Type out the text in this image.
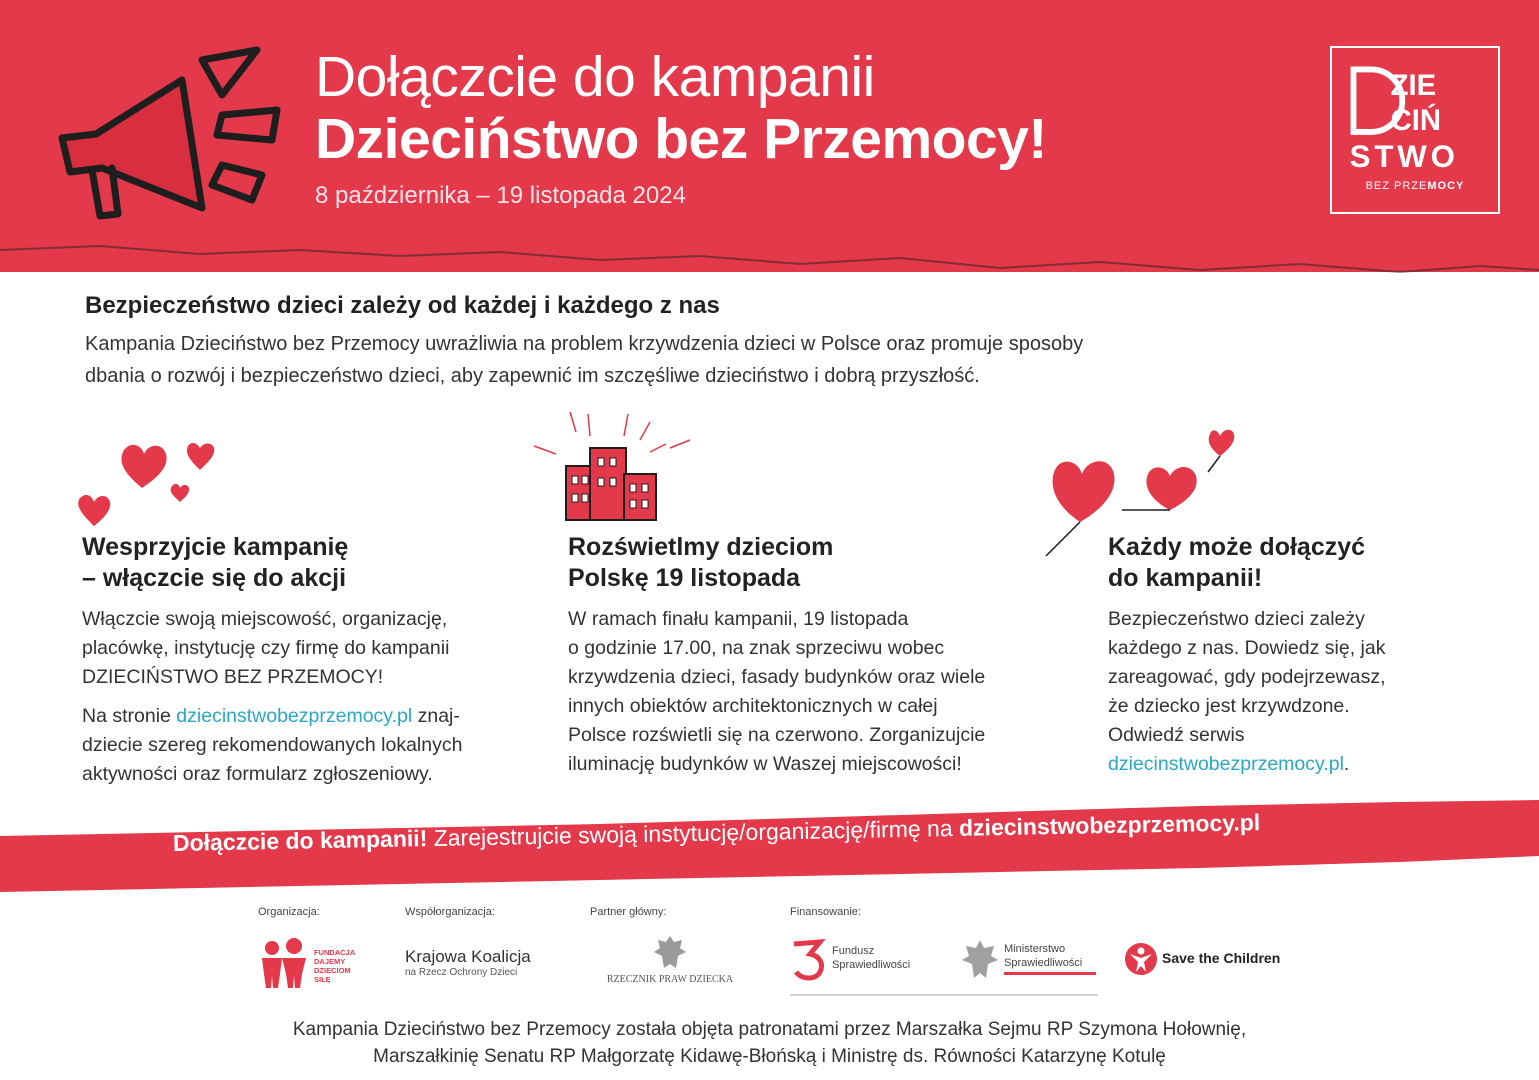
Dołączcie do kampanii
Dzieciństwo bez Przemocy!
8 października – 19 listopada 2024
ZIE
CIŃ
STWO
BEZ PRZEMOCY
Bezpieczeństwo dzieci zależy od każdej i każdego z nas
Kampania Dzieciństwo bez Przemocy uwrażliwia na problem krzywdzenia dzieci w Polsce oraz promuje sposoby
dbania o rozwój i bezpieczeństwo dzieci, aby zapewnić im szczęśliwe dzieciństwo i dobrą przyszłość.
Wesprzyjcie kampanię
– włączcie się do akcji
Włączcie swoją miejscowość, organizację,
placówkę, instytucję czy firmę do kampanii
DZIECIŃSTWO BEZ PRZEMOCY!
Na stronie dziecinstwobezprzemocy.pl znaj-
dziecie szereg rekomendowanych lokalnych
aktywności oraz formularz zgłoszeniowy.
Rozświetlmy dzieciom
Polskę 19 listopada
W ramach finału kampanii, 19 listopada
o godzinie 17.00, na znak sprzeciwu wobec
krzywdzenia dzieci, fasady budynków oraz wiele
innych obiektów architektonicznych w całej
Polsce rozświetli się na czerwono. Zorganizujcie
iluminację budynków w Waszej miejscowości!
Każdy może dołączyć
do kampanii!
Bezpieczeństwo dzieci zależy
każdego z nas. Dowiedz się, jak
zareagować, gdy podejrzewasz,
że dziecko jest krzywdzone.
Odwiedź serwis
dziecinstwobezprzemocy.pl.
Dołączcie do kampanii! Zarejestrujcie swoją instytucję/organizację/firmę na dziecinstwobezprzemocy.pl
Organizacja:	Współorganizacja:	Partner główny:	Finansowanie:
FUNDACJA
DAJEMY
DZIECIOM
SIŁĘ
Krajowa Koalicja
na Rzecz Ochrony Dzieci
RZECZNIK PRAW DZIECKA
Fundusz
Sprawiedliwości
Ministerstwo
Sprawiedliwości	Save the Children
Kampania Dzieciństwo bez Przemocy została objęta patronatami przez Marszałka Sejmu RP Szymona Hołownię,
Marszałkinię Senatu RP Małgorzatę Kidawę-Błońską i Ministrę ds. Równości Katarzynę Kotulę
